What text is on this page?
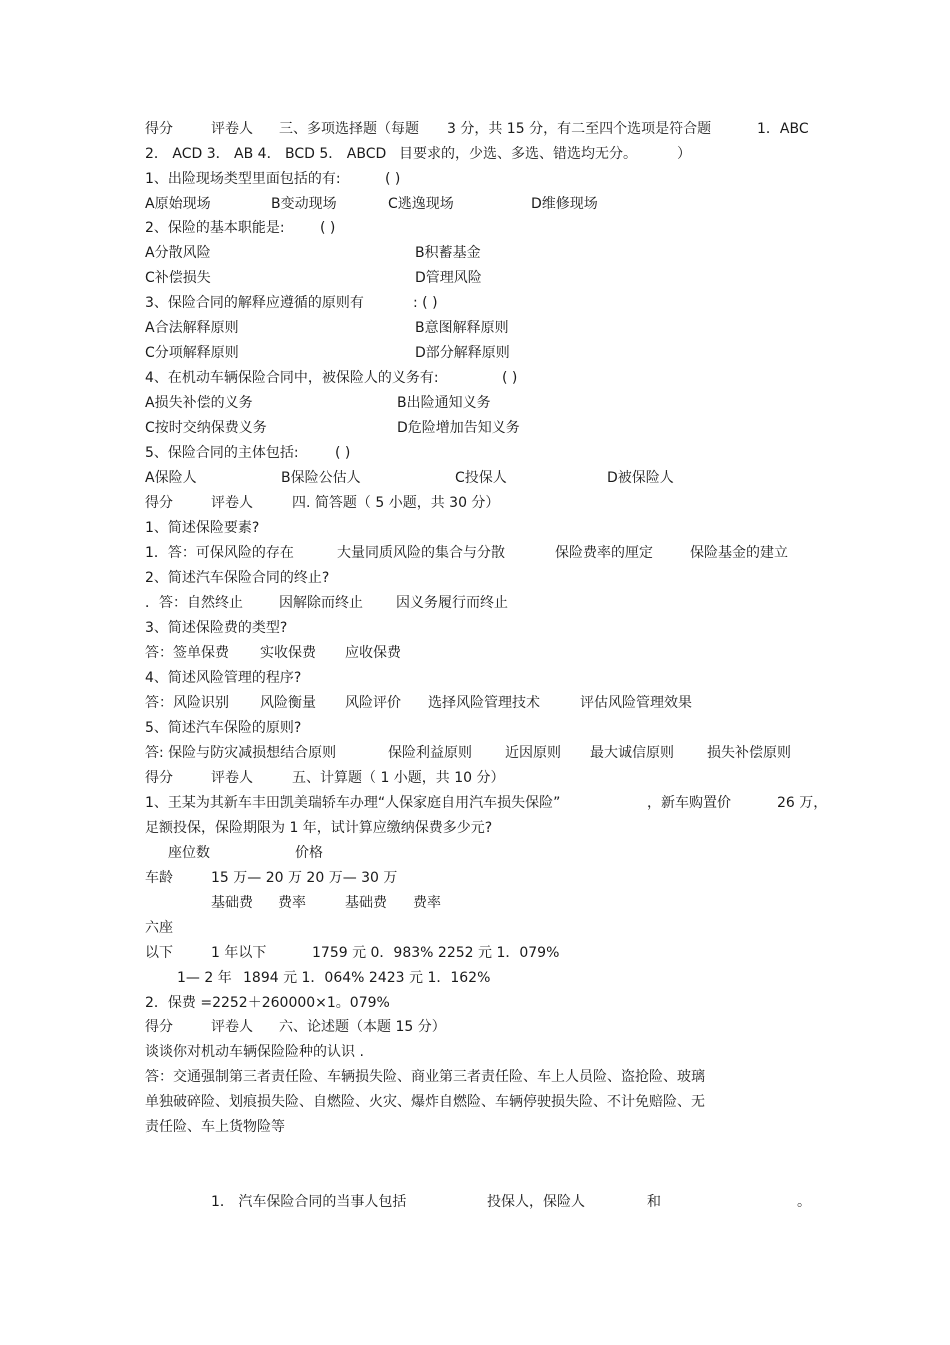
得分	评卷人 三、多项选择题（每题 3 分，共 15 分，有二至四个选项是符合题	1．ABC
2． ACD 3． AB 4． BCD 5． ABCD 目要求的，少选、多选、错选均无分。	）
1、出险现场类型里面包括的有:	( )
A原始现场	B变动现场	C逃逸现场	D维修现场
2、保险的基本职能是:	( )
A分散风险	B积蓄基金
C补偿损失	D管理风险
3、保险合同的解释应遵循的原则有	: ( )
A合法解释原则	B意图解释原则
C分项解释原则	D部分解释原则
4、在机动车辆保险合同中，被保险人的义务有:	( )
A损失补偿的义务	B出险通知义务
C按时交纳保费义务	D危险增加告知义务
5、保险合同的主体包括:	( )
A保险人	B保险公估人	C投保人	D被保险人
得分	评卷人	四. 简答题（ 5 小题，共 30 分）
1、简述保险要素?
1．答：可保风险的存在	大量同质风险的集合与分散	保险费率的厘定	保险基金的建立
2、简述汽车保险合同的终止?
．答：自然终止	因解除而终止 因义务履行而终止
3、简述保险费的类型?
答：签单保费 实收保费 应收保费
4、简述风险管理的程序?
答：风险识别 风险衡量 风险评价 选择风险管理技术	评估风险管理效果
5、简述汽车保险的原则?
答: 保险与防灾减损想结合原则	保险利益原则 近因原则 最大诚信原则 损失补偿原则
得分	评卷人	五、计算题（ 1 小题，共 10 分）
1、王某为其新车丰田凯美瑞轿车办理“人保家庭自用汽车损失保险”	，新车购置价	26 万，
足额投保，保险期限为 1 年，试计算应缴纳保费多少元?
座位数	价格
车龄	15 万— 20 万 20 万— 30 万
基础费 费率	基础费 费率
六座
以下	1 年以下	1759 元 0．983% 2252 元 1．079%
1— 2 年 1894 元 1．064% 2423 元 1．162%
2．保费 =2252＋260000×1。079%
得分	评卷人 六、论述题（本题 15 分）
谈谈你对机动车辆保险险种的认识 .
答：交通强制第三者责任险、车辆损失险、商业第三者责任险、车上人员险、盗抢险、玻璃
单独破碎险、划痕损失险、自燃险、火灾、爆炸自燃险、车辆停驶损失险、不计免赔险、无
责任险、车上货物险等
1． 汽车保险合同的当事人包括	投保人，保险人	和	。
